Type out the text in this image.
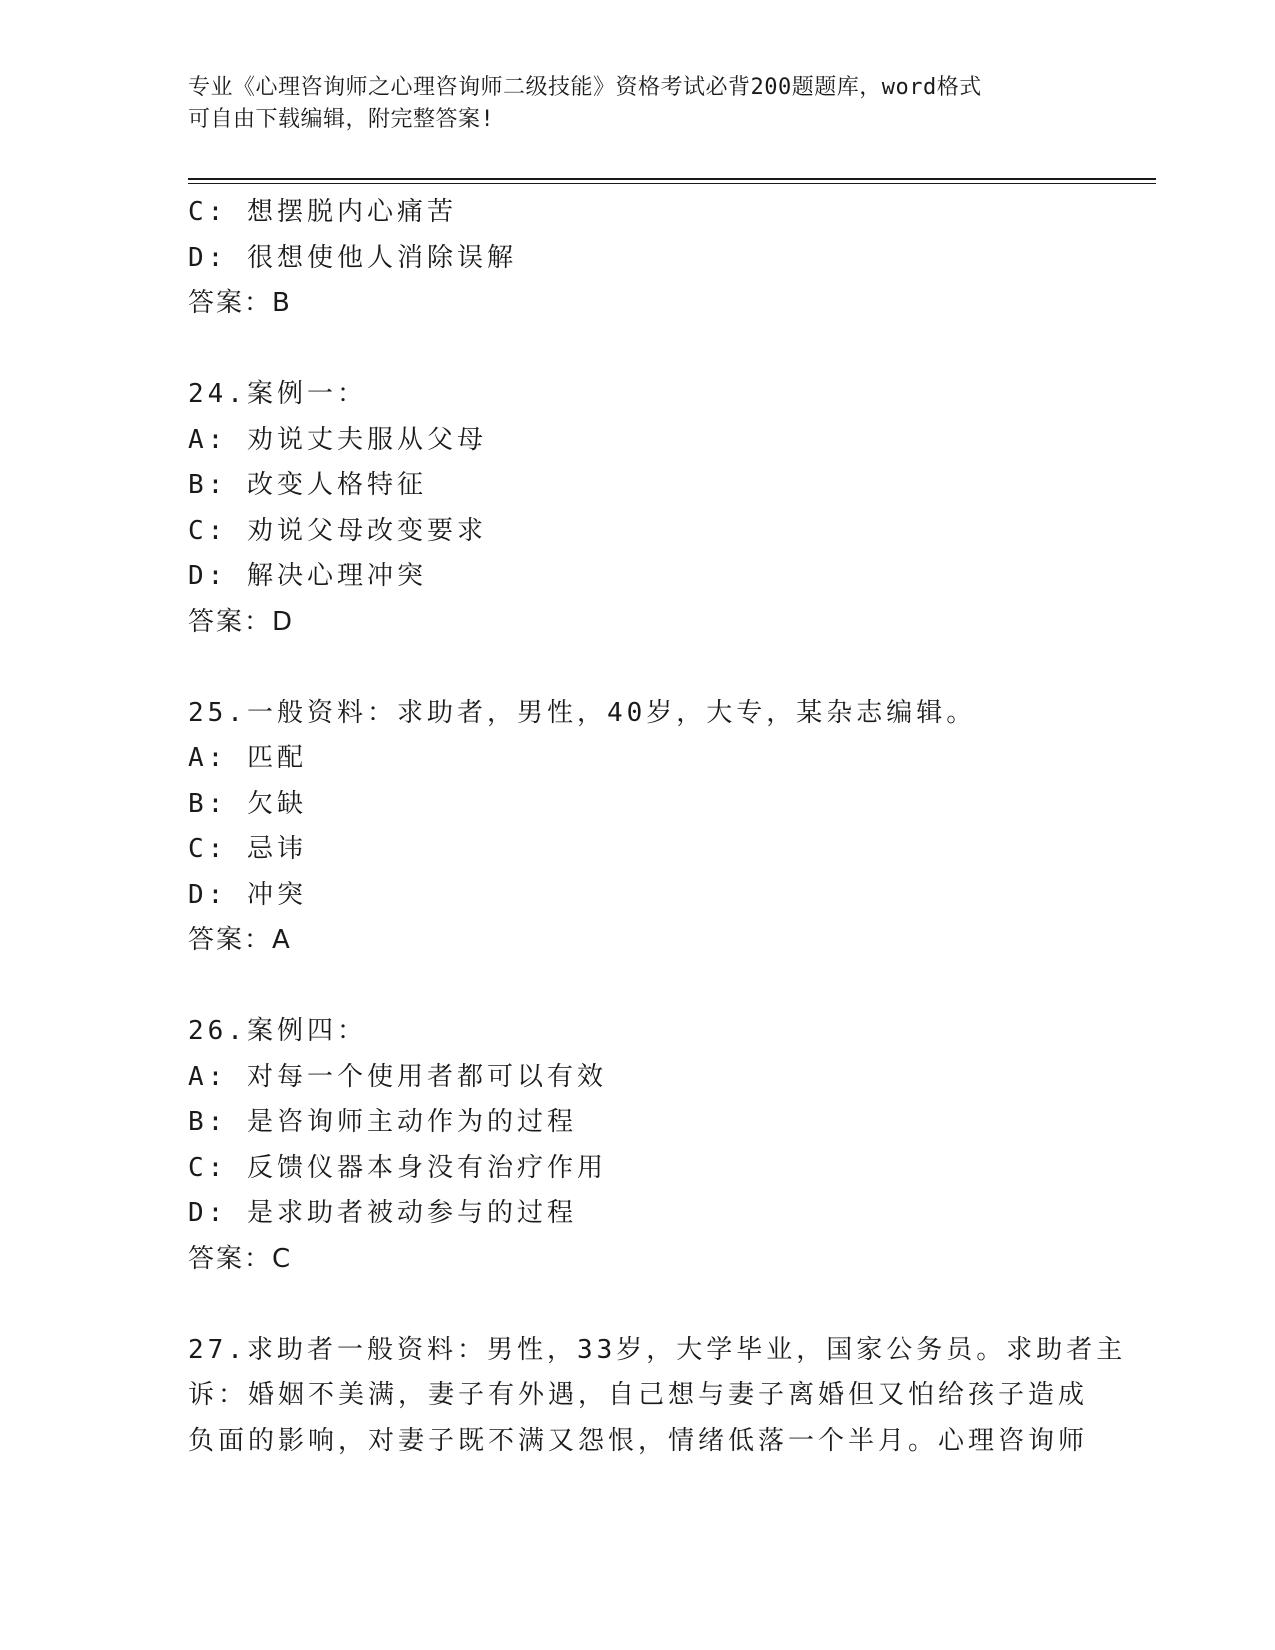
专业《心理咨询师之心理咨询师二级技能》资格考试必背200题题库，word格式
可自由下载编辑，附完整答案!
C: 想摆脱内心痛苦
D: 很想使他人消除误解
答案：B
24.案例一：
A: 劝说丈夫服从父母
B: 改变人格特征
C: 劝说父母改变要求
D: 解决心理冲突
答案：D
25.一般资料：求助者，男性，40岁，大专，某杂志编辑。
A: 匹配
B: 欠缺
C: 忌讳
D: 冲突
答案：A
26.案例四：
A: 对每一个使用者都可以有效
B: 是咨询师主动作为的过程
C: 反馈仪器本身没有治疗作用
D: 是求助者被动参与的过程
答案：C
27.求助者一般资料：男性，33岁，大学毕业，国家公务员。求助者主
诉：婚姻不美满，妻子有外遇，自己想与妻子离婚但又怕给孩子造成
负面的影响，对妻子既不满又怨恨，情绪低落一个半月。心理咨询师
